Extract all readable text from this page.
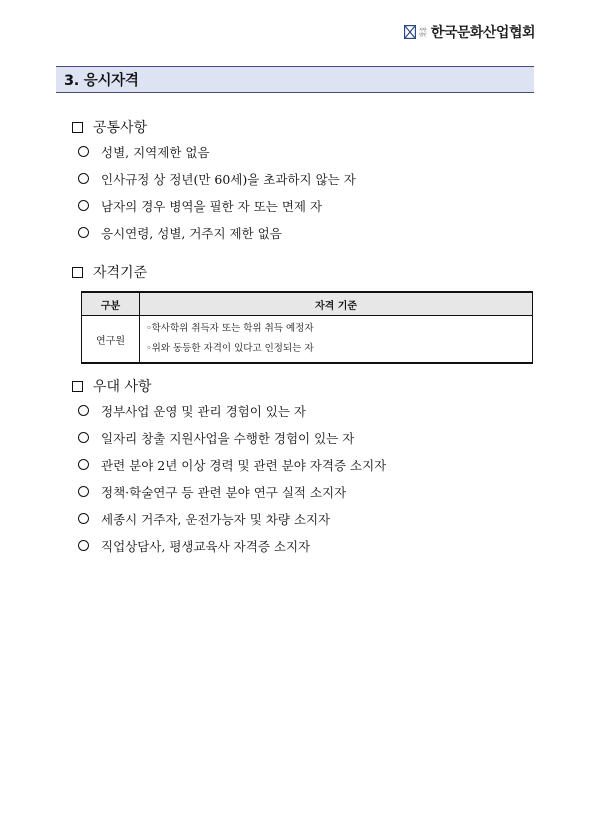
사단
법인 한국문화산업협회
3. 응시자격
공통사항
성별, 지역제한 없음
인사규정 상 정년(만 60세)을 초과하지 않는 자
남자의 경우 병역을 필한 자 또는 면제 자
응시연령, 성별, 거주지 제한 없음
자격기준
구분	자격 기준
연구원	◦학사학위 취득자 또는 학위 취득 예정자
◦위와 동등한 자격이 있다고 인정되는 자
우대 사항
정부사업 운영 및 관리 경험이 있는 자
일자리 창출 지원사업을 수행한 경험이 있는 자
관련 분야 2년 이상 경력 및 관련 분야 자격증 소지자
정책·학술연구 등 관련 분야 연구 실적 소지자
세종시 거주자, 운전가능자 및 차량 소지자
직업상담사, 평생교육사 자격증 소지자
